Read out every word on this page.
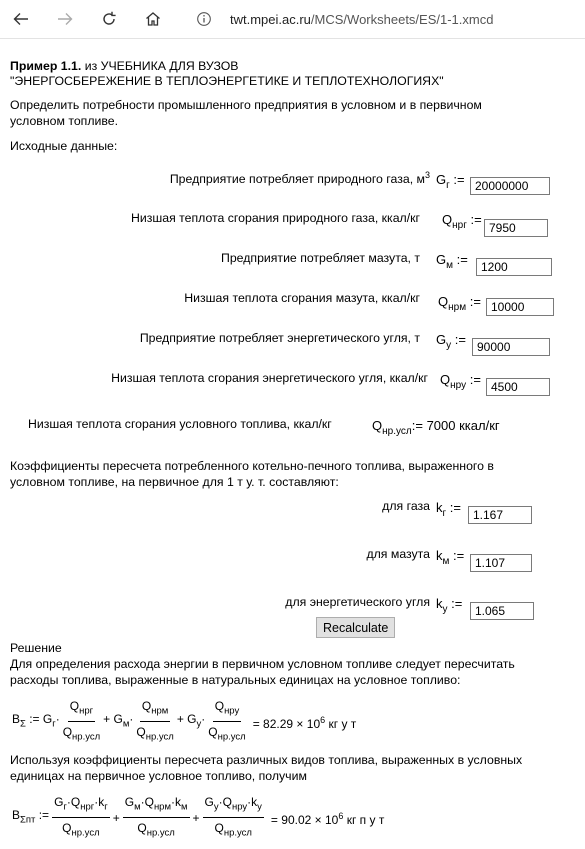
twt.mpei.ac.ru /MCS/Worksheets/ES/1-1.xmcd
Пример 1.1. из УЧЕБНИКА ДЛЯ ВУЗОВ
"ЭНЕРГОСБЕРЕЖЕНИЕ В ТЕПЛОЭНЕРГЕТИКЕ И ТЕПЛОТЕХНОЛОГИЯХ"
Определить потребности промышленного предприятия в условном и в первичном
условном топливе.
Исходные данные:
Предприятие потребляет природного газа, $м^3$ $G_г$ :=
20000000
Низшая теплота сгорания природного газа, ккал/кг $Q_{нрг}$ :=
7950
Предприятие потребляет мазута, т $G_м$ :=
1200
Низшая теплота сгорания мазута, ккал/кг $Q_{нрм}$ :=
10000
Предприятие потребляет энергетического угля, т $G_у$ :=
90000
Низшая теплота сгорания энергетического угля, ккал/кг $Q_{нру}$ :=
4500
Низшая теплота сгорания условного топлива, ккал/кг	$Q_{нр.усл}:= 7000$ ккал/кг
Коэффициенты пересчета потребленного котельно-печного топлива, выраженного в
условном топливе, на первичное для 1 т у. т. составляют:
для газа $k_г$ :=
1.167
для мазута $k_м$ :=
1.107
для энергетического угля $k_у$ :=
1.065
Recalculate
Решение
Для определения расхода энергии в первичном условном топливе следует пересчитать
расходы топлива, выраженные в натуральных единицах на условное топливо:
$B_\Sigma$ := $G_г\cdot \frac{Q_{нрг}}{Q_{нр.усл}} + G_м\cdot \frac{Q_{нрм}}{Q_{нр.усл}} + G_у\cdot \frac{Q_{нру}}{Q_{нр.усл}} = 82.29 \times 10^6$ кг у т
Используя коэффициенты пересчета различных видов топлива, выраженных в условных
единицах на первичное условное топливо, получим
$B_{\Sigma пт}$ := $\frac{G_г\cdot Q_{нрг}\cdot k_г}{Q_{нр.усл}} + \frac{G_м\cdot Q_{нрм}\cdot k_м}{Q_{нр.усл}} + \frac{G_у\cdot Q_{нру}\cdot k_у}{Q_{нр.усл}} = 90.02 \times 10^6$ кг п у т
